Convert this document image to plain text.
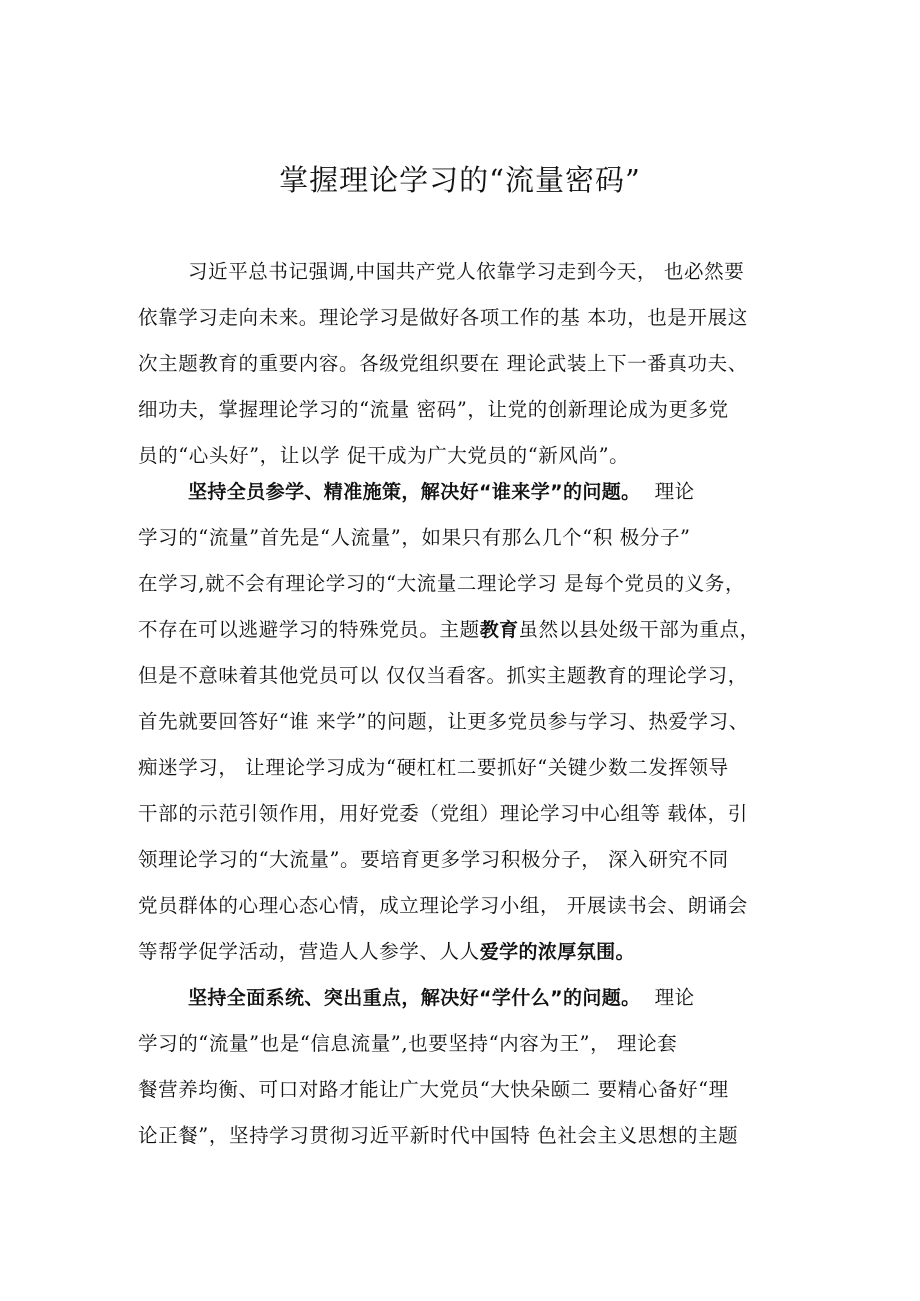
掌握理论学习的“流量密码”
习近平总书记强调,中国共产党人依靠学习走到今天， 也必然要
依靠学习走向未来。理论学习是做好各项工作的基 本功，也是开展这
次主题教育的重要内容。各级党组织要在 理论武装上下一番真功夫、
细功夫，掌握理论学习的“流量 密码”，让党的创新理论成为更多党
员的“心头好”，让以学 促干成为广大党员的“新风尚”。
坚持全员参学、精准施策，解决好“谁来学”的问题。 理论
学习的“流量”首先是“人流量”，如果只有那么几个“积 极分子”
在学习,就不会有理论学习的“大流量二理论学习 是每个党员的义务，
不存在可以逃避学习的特殊党员。主题教育虽然以县处级干部为重点，
但是不意味着其他党员可以 仅仅当看客。抓实主题教育的理论学习，
首先就要回答好“谁 来学”的问题，让更多党员参与学习、热爱学习、
痴迷学习， 让理论学习成为“硬杠杠二要抓好“关键少数二发挥领导
干部的示范引领作用，用好党委（党组）理论学习中心组等 载体，引
领理论学习的“大流量”。要培育更多学习积极分子， 深入研究不同
党员群体的心理心态心情，成立理论学习小组， 开展读书会、朗诵会
等帮学促学活动，营造人人参学、人人爱学的浓厚氛围。
坚持全面系统、突出重点，解决好“学什么”的问题。 理论
学习的“流量”也是“信息流量”,也要坚持“内容为王”， 理论套
餐营养均衡、可口对路才能让广大党员“大快朵颐二 要精心备好“理
论正餐”，坚持学习贯彻习近平新时代中国特 色社会主义思想的主题
